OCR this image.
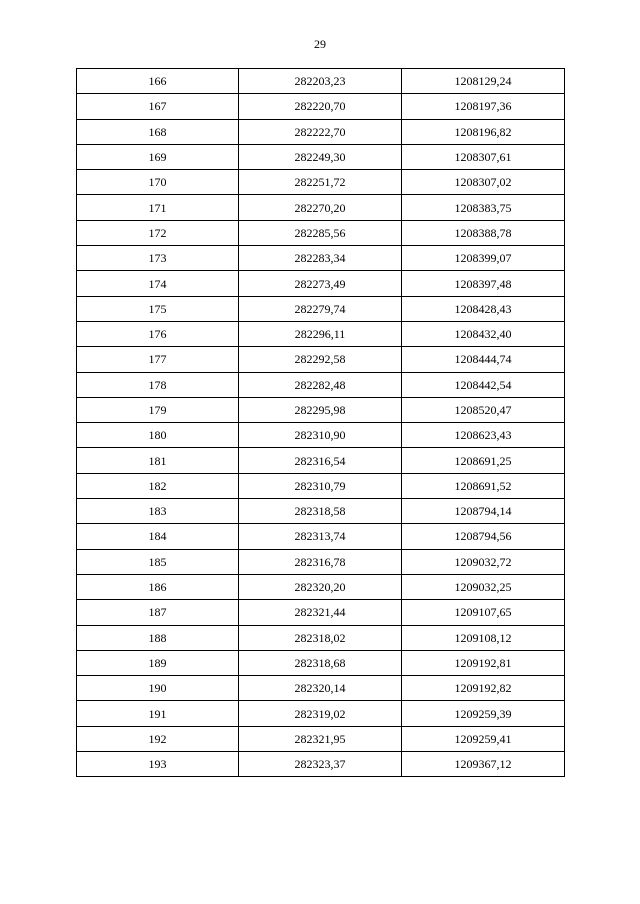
29
166	282203,23	1208129,24
167	282220,70	1208197,36
168	282222,70	1208196,82
169	282249,30	1208307,61
170	282251,72	1208307,02
171	282270,20	1208383,75
172	282285,56	1208388,78
173	282283,34	1208399,07
174	282273,49	1208397,48
175	282279,74	1208428,43
176	282296,11	1208432,40
177	282292,58	1208444,74
178	282282,48	1208442,54
179	282295,98	1208520,47
180	282310,90	1208623,43
181	282316,54	1208691,25
182	282310,79	1208691,52
183	282318,58	1208794,14
184	282313,74	1208794,56
185	282316,78	1209032,72
186	282320,20	1209032,25
187	282321,44	1209107,65
188	282318,02	1209108,12
189	282318,68	1209192,81
190	282320,14	1209192,82
191	282319,02	1209259,39
192	282321,95	1209259,41
193	282323,37	1209367,12
